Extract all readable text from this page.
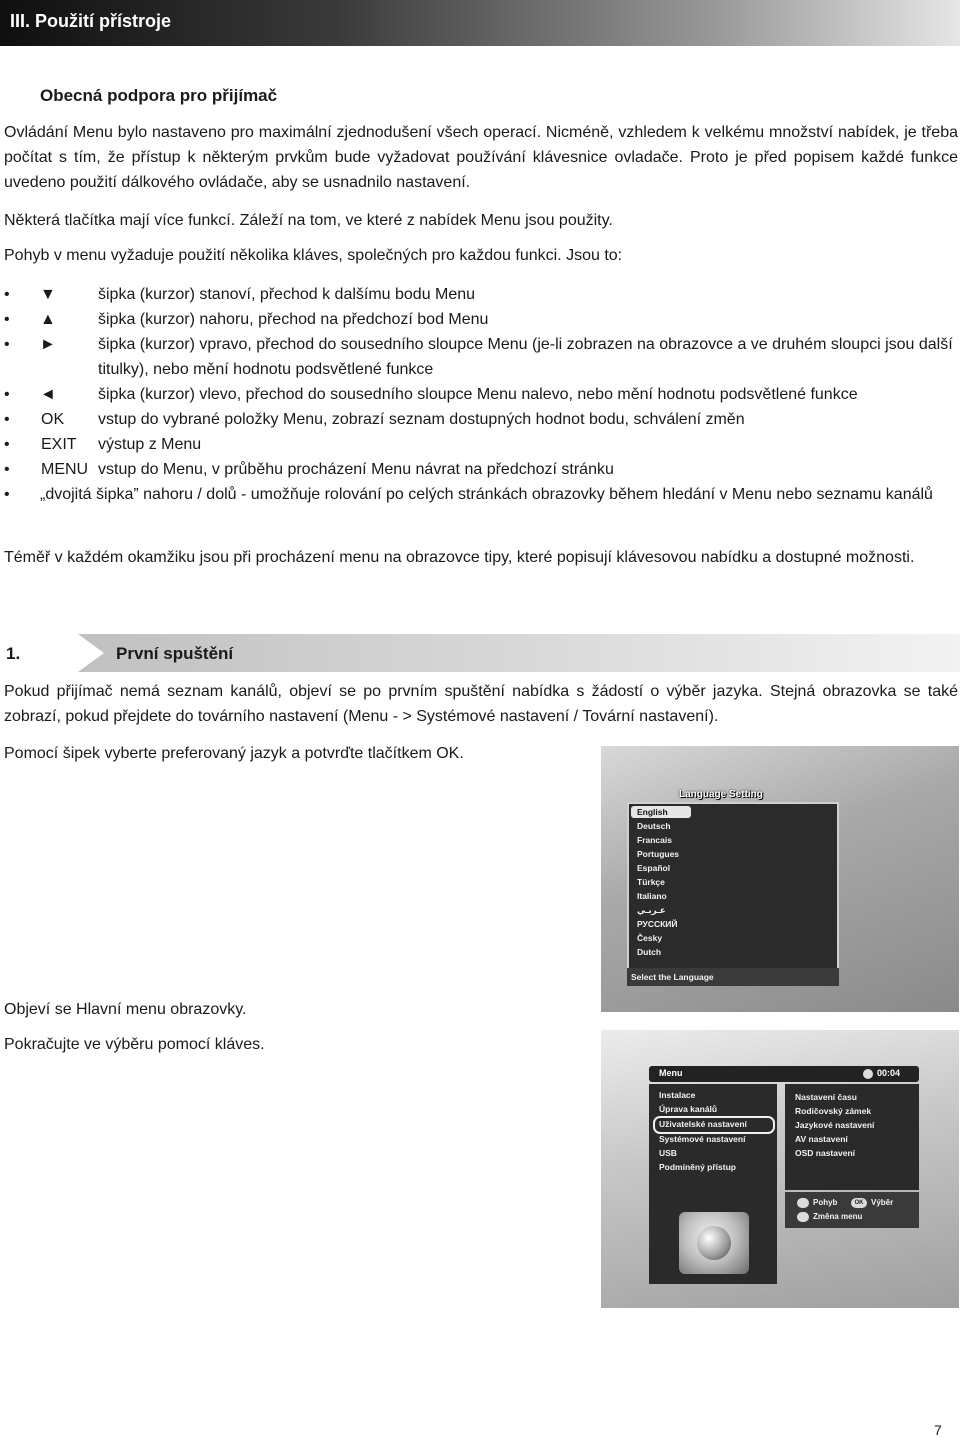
III. Použití přístroje
Obecná podpora pro přijímač
Ovládání Menu bylo nastaveno pro maximální zjednodušení všech operací. Nicméně, vzhledem k velkému množství nabídek, je třeba počítat s tím, že přístup k některým prvkům bude vyžadovat používání klávesnice ovladače. Proto je před popisem každé funkce uvedeno použití dálkového ovládače, aby se usnadnilo nastavení.
Některá tlačítka mají více funkcí. Záleží na tom, ve které z nabídek Menu jsou použity.
Pohyb v menu vyžaduje použití několika kláves, společných pro každou funkci. Jsou to:
•	▼	šipka (kurzor) stanoví, přechod k dalšímu bodu Menu
•	▲	šipka (kurzor) nahoru, přechod na předchozí bod Menu
•	►	šipka (kurzor) vpravo, přechod do sousedního sloupce Menu (je-li zobrazen na obrazovce a ve druhém sloupci jsou další titulky), nebo mění hodnotu podsvětlené funkce
•	◄	šipka (kurzor) vlevo, přechod do sousedního sloupce Menu nalevo, nebo mění hodnotu podsvětlené funkce
•	OK	vstup do vybrané položky Menu, zobrazí seznam dostupných hodnot bodu, schválení změn
•	EXIT	výstup z Menu
•	MENU vstup do Menu, v průběhu procházení Menu návrat na předchozí stránku
•	„dvojitá šipka” nahoru / dolů - umožňuje rolování po celých stránkách obrazovky během hledání v Menu nebo seznamu kanálů
Téměř v každém okamžiku jsou při procházení menu na obrazovce tipy, které popisují klávesovou nabídku a dostupné možnosti.
1.	První spuštění
Pokud přijímač nemá seznam kanálů, objeví se po prvním spuštění nabídka s žádostí o výběr jazyka. Stejná obrazovka se také zobrazí, pokud přejdete do továrního nastavení (Menu - > Systémové nastavení / Tovární nastavení).
Pomocí šipek vyberte preferovaný jazyk a potvrďte tlačítkem OK.
Language Setting
English
Deutsch
Francais
Portugues
Español
Türkçe
Italiano
عـربـي
РУССКИЙ
Česky
Dutch
Select the Language
Objeví se Hlavní menu obrazovky.
Pokračujte ve výběru pomocí kláves.
Menu	00:04
Instalace
Úprava kanálů
Uživatelské nastavení
Systémové nastavení
USB
Podmíněný přístup
Nastavení času
Rodičovský zámek
Jazykové nastavení
AV nastavení
OSD nastavení
Pohyb	OK Výběr
Změna menu
7
